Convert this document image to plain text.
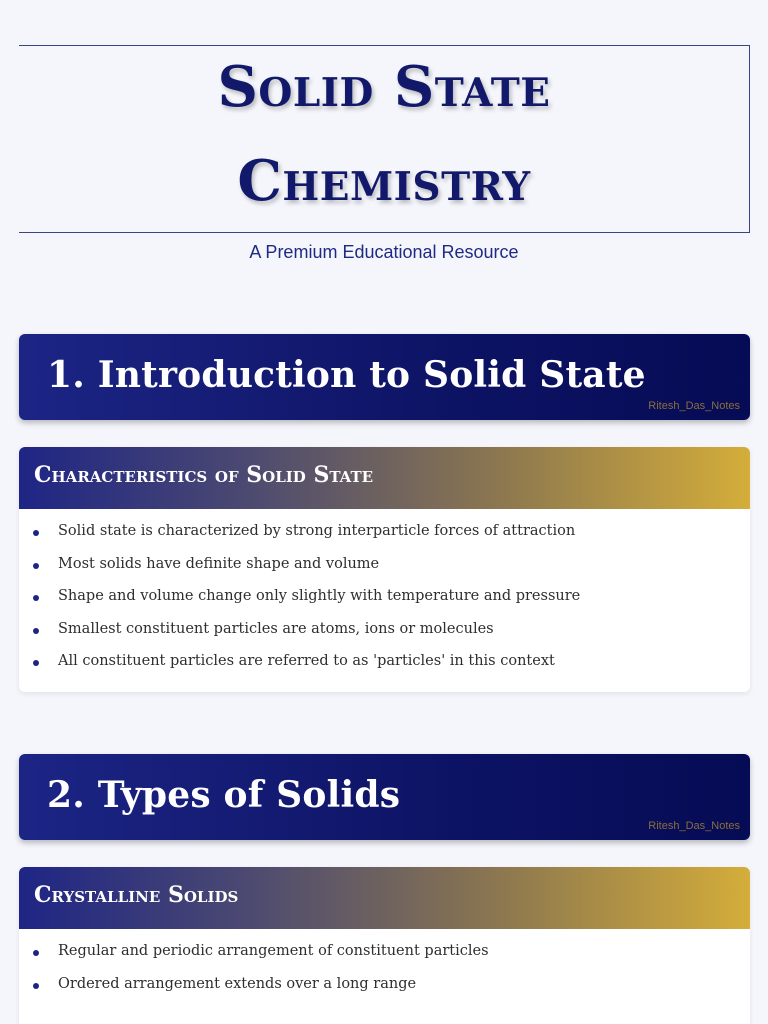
Solid State
Chemistry
A Premium Educational Resource
1. Introduction to Solid State
Ritesh_Das_Notes
Characteristics of Solid State
Solid state is characterized by strong interparticle forces of attraction
Most solids have definite shape and volume
Shape and volume change only slightly with temperature and pressure
Smallest constituent particles are atoms, ions or molecules
All constituent particles are referred to as 'particles' in this context
2. Types of Solids
Ritesh_Das_Notes
Crystalline Solids
Regular and periodic arrangement of constituent particles
Ordered arrangement extends over a long range
